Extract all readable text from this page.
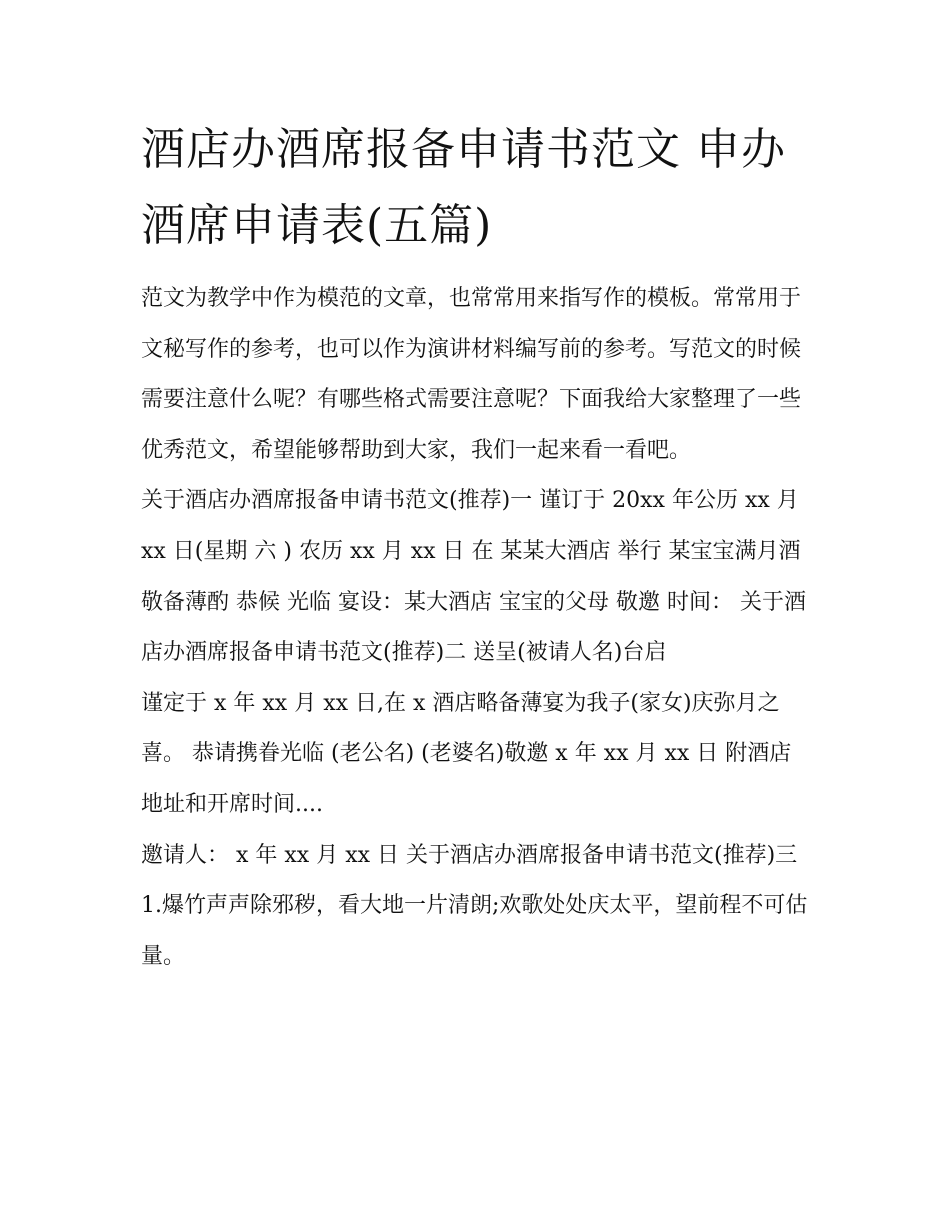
酒店办酒席报备申请书范文 申办酒席申请表(五篇)

范文为教学中作为模范的文章，也常常用来指写作的模板。常常用于文秘写作的参考，也可以作为演讲材料编写前的参考。写范文的时候需要注意什么呢？有哪些格式需要注意呢？下面我给大家整理了一些优秀范文，希望能够帮助到大家，我们一起来看一看吧。

关于酒店办酒席报备申请书范文(推荐)一 谨订于 20xx 年公历 xx 月 xx 日(星期 六 ) 农历 xx 月 xx 日 在 某某大酒店 举行 某宝宝满月酒 敬备薄酌 恭候 光临 宴设：某大酒店 宝宝的父母 敬邀 时间： 关于酒店办酒席报备申请书范文(推荐)二 送呈(被请人名)台启

谨定于 x 年 xx 月 xx 日,在 x 酒店略备薄宴为我子(家女)庆弥月之喜。 恭请携眷光临 (老公名) (老婆名)敬邀 x 年 xx 月 xx 日 附酒店地址和开席时间....

邀请人： x 年 xx 月 xx 日 关于酒店办酒席报备申请书范文(推荐)三 1.爆竹声声除邪秽，看大地一片清朗;欢歌处处庆太平，望前程不可估量。
